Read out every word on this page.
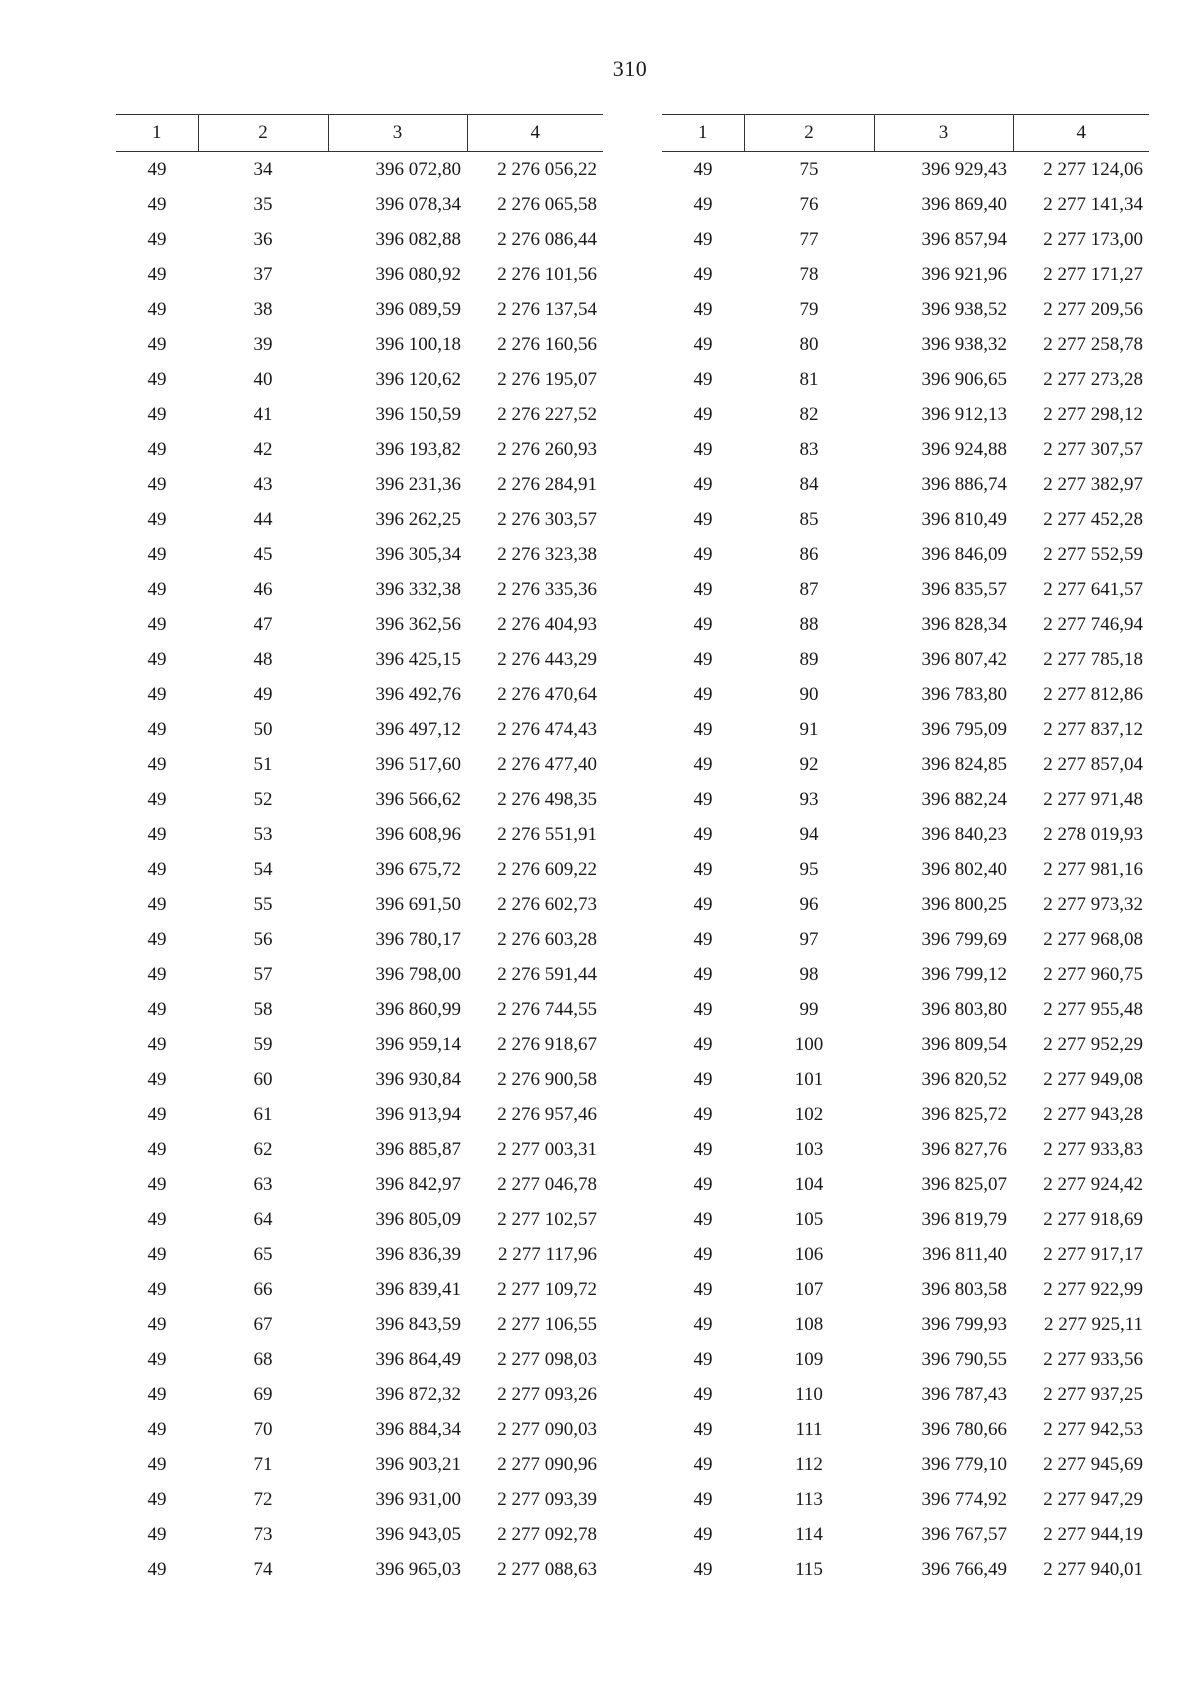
310
1	2	3	4
49	34	396 072,80	2 276 056,22
49	35	396 078,34	2 276 065,58
49	36	396 082,88	2 276 086,44
49	37	396 080,92	2 276 101,56
49	38	396 089,59	2 276 137,54
49	39	396 100,18	2 276 160,56
49	40	396 120,62	2 276 195,07
49	41	396 150,59	2 276 227,52
49	42	396 193,82	2 276 260,93
49	43	396 231,36	2 276 284,91
49	44	396 262,25	2 276 303,57
49	45	396 305,34	2 276 323,38
49	46	396 332,38	2 276 335,36
49	47	396 362,56	2 276 404,93
49	48	396 425,15	2 276 443,29
49	49	396 492,76	2 276 470,64
49	50	396 497,12	2 276 474,43
49	51	396 517,60	2 276 477,40
49	52	396 566,62	2 276 498,35
49	53	396 608,96	2 276 551,91
49	54	396 675,72	2 276 609,22
49	55	396 691,50	2 276 602,73
49	56	396 780,17	2 276 603,28
49	57	396 798,00	2 276 591,44
49	58	396 860,99	2 276 744,55
49	59	396 959,14	2 276 918,67
49	60	396 930,84	2 276 900,58
49	61	396 913,94	2 276 957,46
49	62	396 885,87	2 277 003,31
49	63	396 842,97	2 277 046,78
49	64	396 805,09	2 277 102,57
49	65	396 836,39	2 277 117,96
49	66	396 839,41	2 277 109,72
49	67	396 843,59	2 277 106,55
49	68	396 864,49	2 277 098,03
49	69	396 872,32	2 277 093,26
49	70	396 884,34	2 277 090,03
49	71	396 903,21	2 277 090,96
49	72	396 931,00	2 277 093,39
49	73	396 943,05	2 277 092,78
49	74	396 965,03	2 277 088,63
1	2	3	4
49	75	396 929,43	2 277 124,06
49	76	396 869,40	2 277 141,34
49	77	396 857,94	2 277 173,00
49	78	396 921,96	2 277 171,27
49	79	396 938,52	2 277 209,56
49	80	396 938,32	2 277 258,78
49	81	396 906,65	2 277 273,28
49	82	396 912,13	2 277 298,12
49	83	396 924,88	2 277 307,57
49	84	396 886,74	2 277 382,97
49	85	396 810,49	2 277 452,28
49	86	396 846,09	2 277 552,59
49	87	396 835,57	2 277 641,57
49	88	396 828,34	2 277 746,94
49	89	396 807,42	2 277 785,18
49	90	396 783,80	2 277 812,86
49	91	396 795,09	2 277 837,12
49	92	396 824,85	2 277 857,04
49	93	396 882,24	2 277 971,48
49	94	396 840,23	2 278 019,93
49	95	396 802,40	2 277 981,16
49	96	396 800,25	2 277 973,32
49	97	396 799,69	2 277 968,08
49	98	396 799,12	2 277 960,75
49	99	396 803,80	2 277 955,48
49	100	396 809,54	2 277 952,29
49	101	396 820,52	2 277 949,08
49	102	396 825,72	2 277 943,28
49	103	396 827,76	2 277 933,83
49	104	396 825,07	2 277 924,42
49	105	396 819,79	2 277 918,69
49	106	396 811,40	2 277 917,17
49	107	396 803,58	2 277 922,99
49	108	396 799,93	2 277 925,11
49	109	396 790,55	2 277 933,56
49	110	396 787,43	2 277 937,25
49	111	396 780,66	2 277 942,53
49	112	396 779,10	2 277 945,69
49	113	396 774,92	2 277 947,29
49	114	396 767,57	2 277 944,19
49	115	396 766,49	2 277 940,01
